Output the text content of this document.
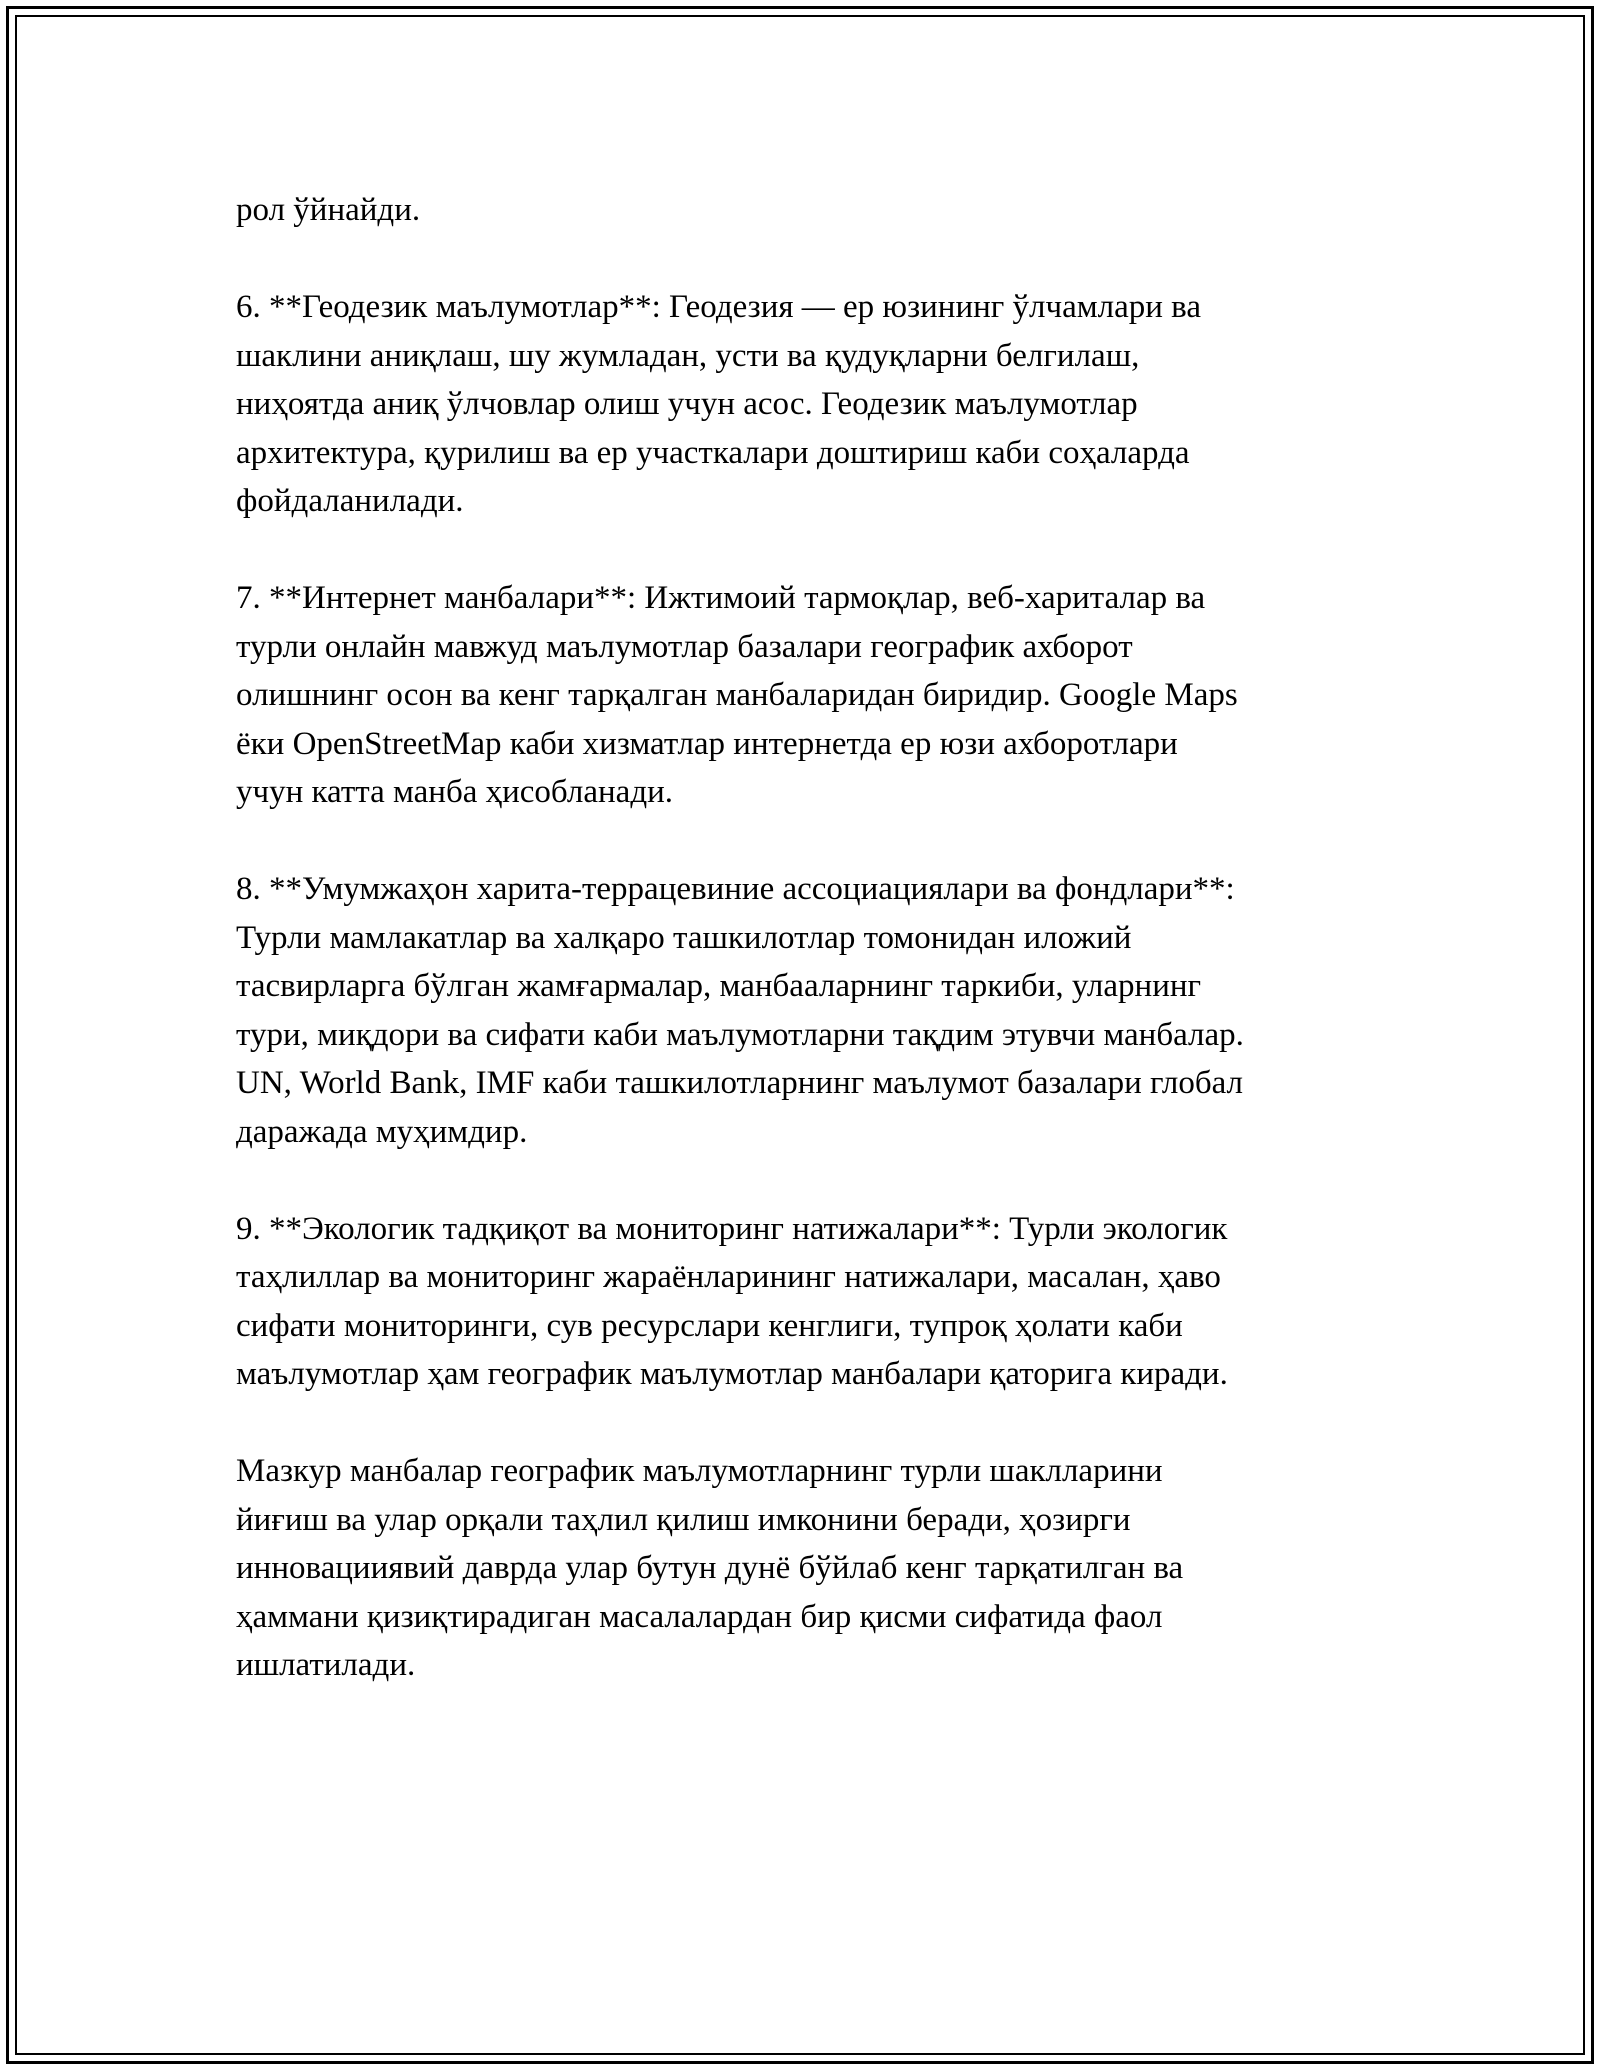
рол ўйнайди.

6. **Геодезик маълумотлар**: Геодезия — ер юзининг ўлчамлари ва
шаклини аниқлаш, шу жумладан, усти ва қудуқларни белгилаш,
ниҳоятда аниқ ўлчовлар олиш учун асос. Геодезик маълумотлар
архитектура, қурилиш ва ер участкалари доштириш каби соҳаларда
фойдаланилади.

7. **Интернет манбалари**: Ижтимоий тармоқлар, веб-хариталар ва
турли онлайн мавжуд маълумотлар базалари географик ахборот
олишнинг осон ва кенг тарқалган манбаларидан биридир. Google Maps
ёки OpenStreetMap каби хизматлар интернетда ер юзи ахборотлари
учун катта манба ҳисобланади.

8. **Умумжаҳон харита-террацевиние ассоциациялари ва фондлари**:
Турли мамлакатлар ва халқаро ташкилотлар томонидан иложий
тасвирларга бўлган жамғармалар, манбааларнинг таркиби, уларнинг
тури, миқдори ва сифати каби маълумотларни тақдим этувчи манбалар.
UN, World Bank, IMF каби ташкилотларнинг маълумот базалари глобал
даражада муҳимдир.

9. **Экологик тадқиқот ва мониторинг натижалари**: Турли экологик
таҳлиллар ва мониторинг жараёнларининг натижалари, масалан, ҳаво
сифати мониторинги, сув ресурслари кенглиги, тупроқ ҳолати каби
маълумотлар ҳам географик маълумотлар манбалари қаторига киради.

Мазкур манбалар географик маълумотларнинг турли шаклларини
йиғиш ва улар орқали таҳлил қилиш имконини беради, ҳозирги
инновацииявий даврда улар бутун дунё бўйлаб кенг тарқатилган ва
ҳаммани қизиқтирадиган масалалардан бир қисми сифатида фаол
ишлатилади.
